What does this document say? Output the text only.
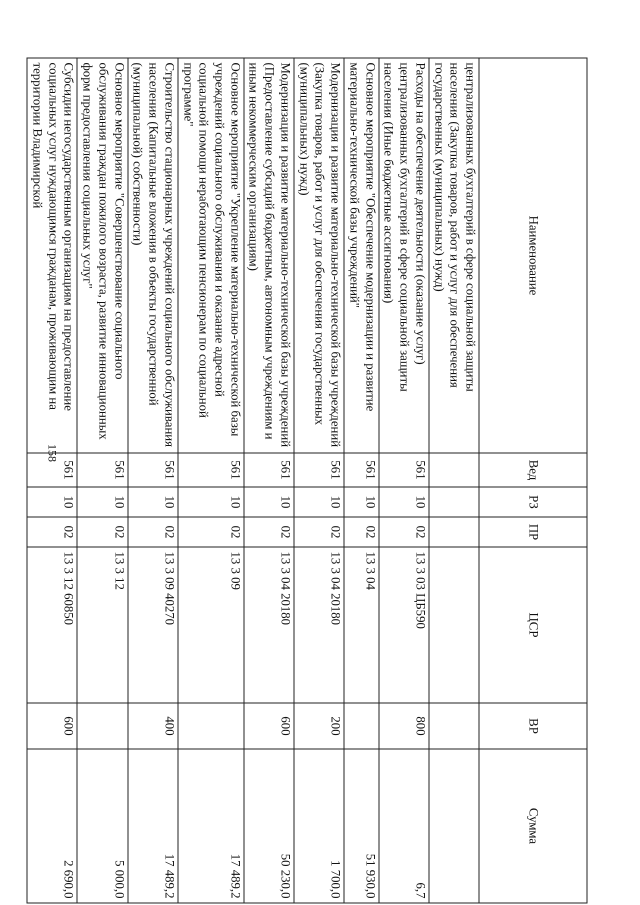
158
Наименование	Вед	РЗ	ПР	ЦСР	ВР	Сумма
централизованных бухгалтерий в сфере социальной защиты населения (Закупка товаров, работ и услуг для обеспечения государственных (муниципальных) нужд)						
Расходы на обеспечение деятельности (оказание услуг) централизованных бухгалтерий в сфере социальной защиты населения (Иные бюджетные ассигнования)	561	10	02	13 3 03 ЦБ590	800	6,7
Основное мероприятие "Обеспечение модернизации и развитие материально-технической базы учреждений"	561	10	02	13 3 04		51 930,0
Модернизация и развитие материально-технической базы учреждений (Закупка товаров, работ и услуг для обеспечения государственных (муниципальных) нужд)	561	10	02	13 3 04 20180	200	1 700,0
Модернизация и развитие материально-технической базы учреждений (Предоставление субсидий бюджетным, автономным учреждениям и иным некоммерческим организациям)	561	10	02	13 3 04 20180	600	50 230,0
Основное мероприятие "Укрепление материально-технической базы учреждений социального обслуживания и оказание адресной социальной помощи неработающим пенсионерам по социальной программе"	561	10	02	13 3 09		17 489,2
Строительство стационарных учреждений социального обслуживания населения (Капитальные вложения в объекты государственной (муниципальной) собственности)	561	10	02	13 3 09 40270	400	17 489,2
Основное мероприятие "Совершенствование социального обслуживания граждан пожилого возраста, развитие инновационных форм предоставления социальных услуг"	561	10	02	13 3 12		5 000,0
Субсидии негосударственным организациям на предоставление социальных услуг нуждающимся гражданам, проживающим на территории Владимирской	561	10	02	13 3 12 60850	600	2 690,0
